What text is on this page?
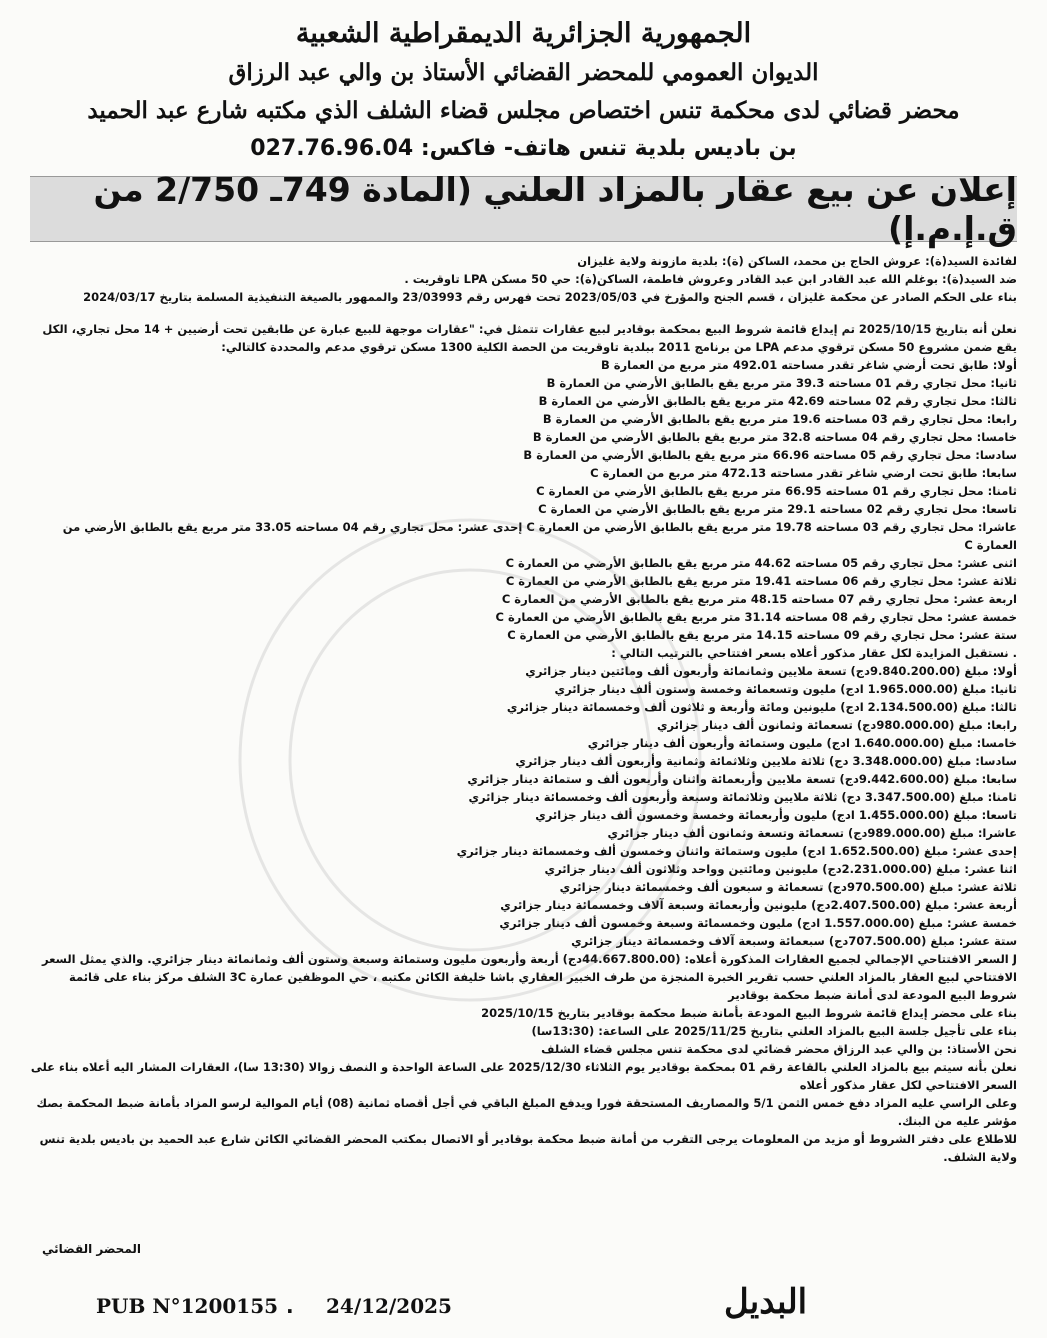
الجمهورية الجزائرية الديمقراطية الشعبية

الديوان العمومي للمحضر القضائي الأستاذ بن والي عبد الرزاق

محضر قضائي لدى محكمة تنس اختصاص مجلس قضاء الشلف الذي مكتبه شارع عبد الحميد

بن باديس بلدية تنس هاتف- فاكس: 027.76.96.04
إعلان عن بيع عقار بالمزاد العلني (المادة 749ـ 2/750 من ق.إ.م.إ)

لفائدة السيد(ة): عروش الحاج بن محمد، الساكن (ة): بلدية مازونة ولاية غليزان

ضد السيد(ة): بوغلم الله عبد القادر ابن عبد القادر وعروش فاطمة، الساكن(ة): حي 50 مسكن LPA تاوقريت .

بناء على الحكم الصادر عن محكمة غليزان ، قسم الجنح والمؤرخ في 2023/05/03 تحت فهرس رقم 23/03993 والممهور بالصيغة التنفيذية المسلمة بتاريخ 2024/03/17

نعلن أنه بتاريخ 2025/10/15 تم إيداع قائمة شروط البيع بمحكمة بوقادير لبيع عقارات تتمثل في: "عقارات موجهة للبيع عبارة عن طابقين تحت أرضيين + 14 محل تجاري، الكل يقع ضمن مشروع 50 مسكن ترقوي مدعم LPA من برنامج 2011 ببلدية تاوقريت من الحصة الكلية 1300 مسكن ترقوي مدعم والمحددة كالتالي:

أولا: طابق تحت أرضي شاغر تقدر مساحته 492.01 متر مربع من العمارة B

ثانيا: محل تجاري رقم 01 مساحته 39.3 متر مربع يقع بالطابق الأرضي من العمارة B

ثالثا: محل تجاري رقم 02 مساحته 42.69 متر مربع يقع بالطابق الأرضي من العمارة B

رابعا: محل تجاري رقم 03 مساحته 19.6 متر مربع يقع بالطابق الأرضي من العمارة B

خامسا: محل تجاري رقم 04 مساحته 32.8 متر مربع يقع بالطابق الأرضي من العمارة B

سادسا: محل تجاري رقم 05 مساحته 66.96 متر مربع يقع بالطابق الأرضي من العمارة B

سابعا: طابق تحت ارضي شاغر تقدر مساحته 472.13 متر مربع من العمارة C

ثامنا: محل تجاري رقم 01 مساحته 66.95 متر مربع يقع بالطابق الأرضي من العمارة C

تاسعا: محل تجاري رقم 02 مساحته 29.1 متر مربع يقع بالطابق الأرضي من العمارة C

عاشرا: محل تجاري رقم 03 مساحته 19.78 متر مربع يقع بالطابق الأرضي من العمارة C إحدى عشر: محل تجاري رقم 04 مساحته 33.05 متر مربع يقع بالطابق الأرضي من العمارة C

اثنى عشر: محل تجاري رقم 05 مساحته 44.62 متر مربع يقع بالطابق الأرضي من العمارة C

ثلاثة عشر: محل تجاري رقم 06 مساحته 19.41 متر مربع يقع بالطابق الأرضي من العمارة C

اربعة عشر: محل تجاري رقم 07 مساحته 48.15 متر مربع يقع بالطابق الأرضي من العمارة C

خمسة عشر: محل تجاري رقم 08 مساحته 31.14 متر مربع يقع بالطابق الأرضي من العمارة C

ستة عشر: محل تجاري رقم 09 مساحته 14.15 متر مربع يقع بالطابق الأرضي من العمارة C

. نستقبل المزايدة لكل عقار مذكور أعلاه بسعر افتتاحي بالترتيب التالي :

أولا: مبلغ (9.840.200.00دج) تسعة ملايين وثمانمائة وأربعون ألف ومائتين دينار جزائري

ثانيا: مبلغ (1.965.000.00 ادج) مليون وتسعمائة وخمسة وستون ألف دينار جزائري

ثالثا: مبلغ (2.134.500.00 ادج) مليونين ومائة وأربعة و ثلاثون ألف وخمسمائة دينار جزائري

رابعا: مبلغ (980.000.00دج) تسعمائة وثمانون ألف دينار جزائري

خامسا: مبلغ (1.640.000.00 ادج) مليون وستمائة وأربعون ألف دينار جزائري

سادسا: مبلغ (3.348.000.00 دج) ثلاثة ملايين وثلاثمائة وثمانية وأربعون ألف دينار جزائري

سابعا: مبلغ (9.442.600.00دج) تسعة ملايين وأربعمائة واثنان وأربعون ألف و ستمائة دينار جزائري

ثامنا: مبلغ (3.347.500.00 دج) ثلاثة ملايين وثلاثمائة وسبعة وأربعون ألف وخمسمائة دينار جزائري

تاسعا: مبلغ (1.455.000.00 ادج) مليون وأربعمائة وخمسة وخمسون ألف دينار جزائري

عاشرا: مبلغ (989.000.00دج) تسعمائة وتسعة وثمانون ألف دينار جزائري

إحدى عشر: مبلغ (1.652.500.00 ادج) مليون وستمائة واثنان وخمسون ألف وخمسمائة دينار جزائري

اثنا عشر: مبلغ (2.231.000.00دج) مليونين ومائتين وواحد وثلاثون ألف دينار جزائري

ثلاثة عشر: مبلغ (970.500.00دج) تسعمائة و سبعون ألف وخمسمائة دينار جزائري

أربعة عشر: مبلغ (2.407.500.00دج) مليونين وأربعمائة وسبعة آلاف وخمسمائة دينار جزائري

خمسة عشر: مبلغ (1.557.000.00 ادج) مليون وخمسمائة وسبعة وخمسون ألف دينار جزائري

ستة عشر: مبلغ (707.500.00دج) سبعمائة وسبعة آلاف وخمسمائة دينار جزائري

J السعر الافتتاحي الإجمالي لجميع العقارات المذكورة أعلاه: (44.667.800.00دج) أربعة وأربعون مليون وستمائة وسبعة وستون ألف وثمانمائة دينار جزائري. والذي يمثل السعر الافتتاحي لبيع العقار بالمزاد العلني حسب تقرير الخبرة المنجزة من طرف الخبير العقاري باشا خليفة الكائن مكتبه ، حي الموظفين عمارة 3C الشلف مركز بناء على قائمة شروط البيع المودعة لدى أمانة ضبط محكمة بوقادير

بناء على محضر إيداع قائمة شروط البيع المودعة بأمانة ضبط محكمة بوقادير بتاريخ 2025/10/15

بناء على تأجيل جلسة البيع بالمزاد العلني بتاريخ 2025/11/25 على الساعة: (13:30سا)

نحن الأستاذ: بن والي عبد الرزاق محضر قضائي لدى محكمة تنس مجلس قضاء الشلف

نعلن بأنه سيتم بيع بالمزاد العلني بالقاعة رقم 01 بمحكمة بوقادير يوم الثلاثاء 2025/12/30 على الساعة الواحدة و النصف زوالا (13:30 سا)، العقارات المشار اليه أعلاه بناء على السعر الافتتاحي لكل عقار مذكور أعلاه

وعلى الراسي عليه المزاد دفع خمس الثمن 5/1 والمصاريف المستحقة فورا ويدفع المبلغ الباقي في أجل أقصاه ثمانية (08) أيام الموالية لرسو المزاد بأمانة ضبط المحكمة بصك مؤشر عليه من البنك.

للاطلاع على دفتر الشروط أو مزيد من المعلومات يرجى التقرب من أمانة ضبط محكمة بوقادير أو الاتصال بمكتب المحضر القضائي الكائن شارع عبد الحميد بن باديس بلدية تنس ولاية الشلف.

المحضر القضائي
PUB N°1200155 . 24/12/2025	البديل
